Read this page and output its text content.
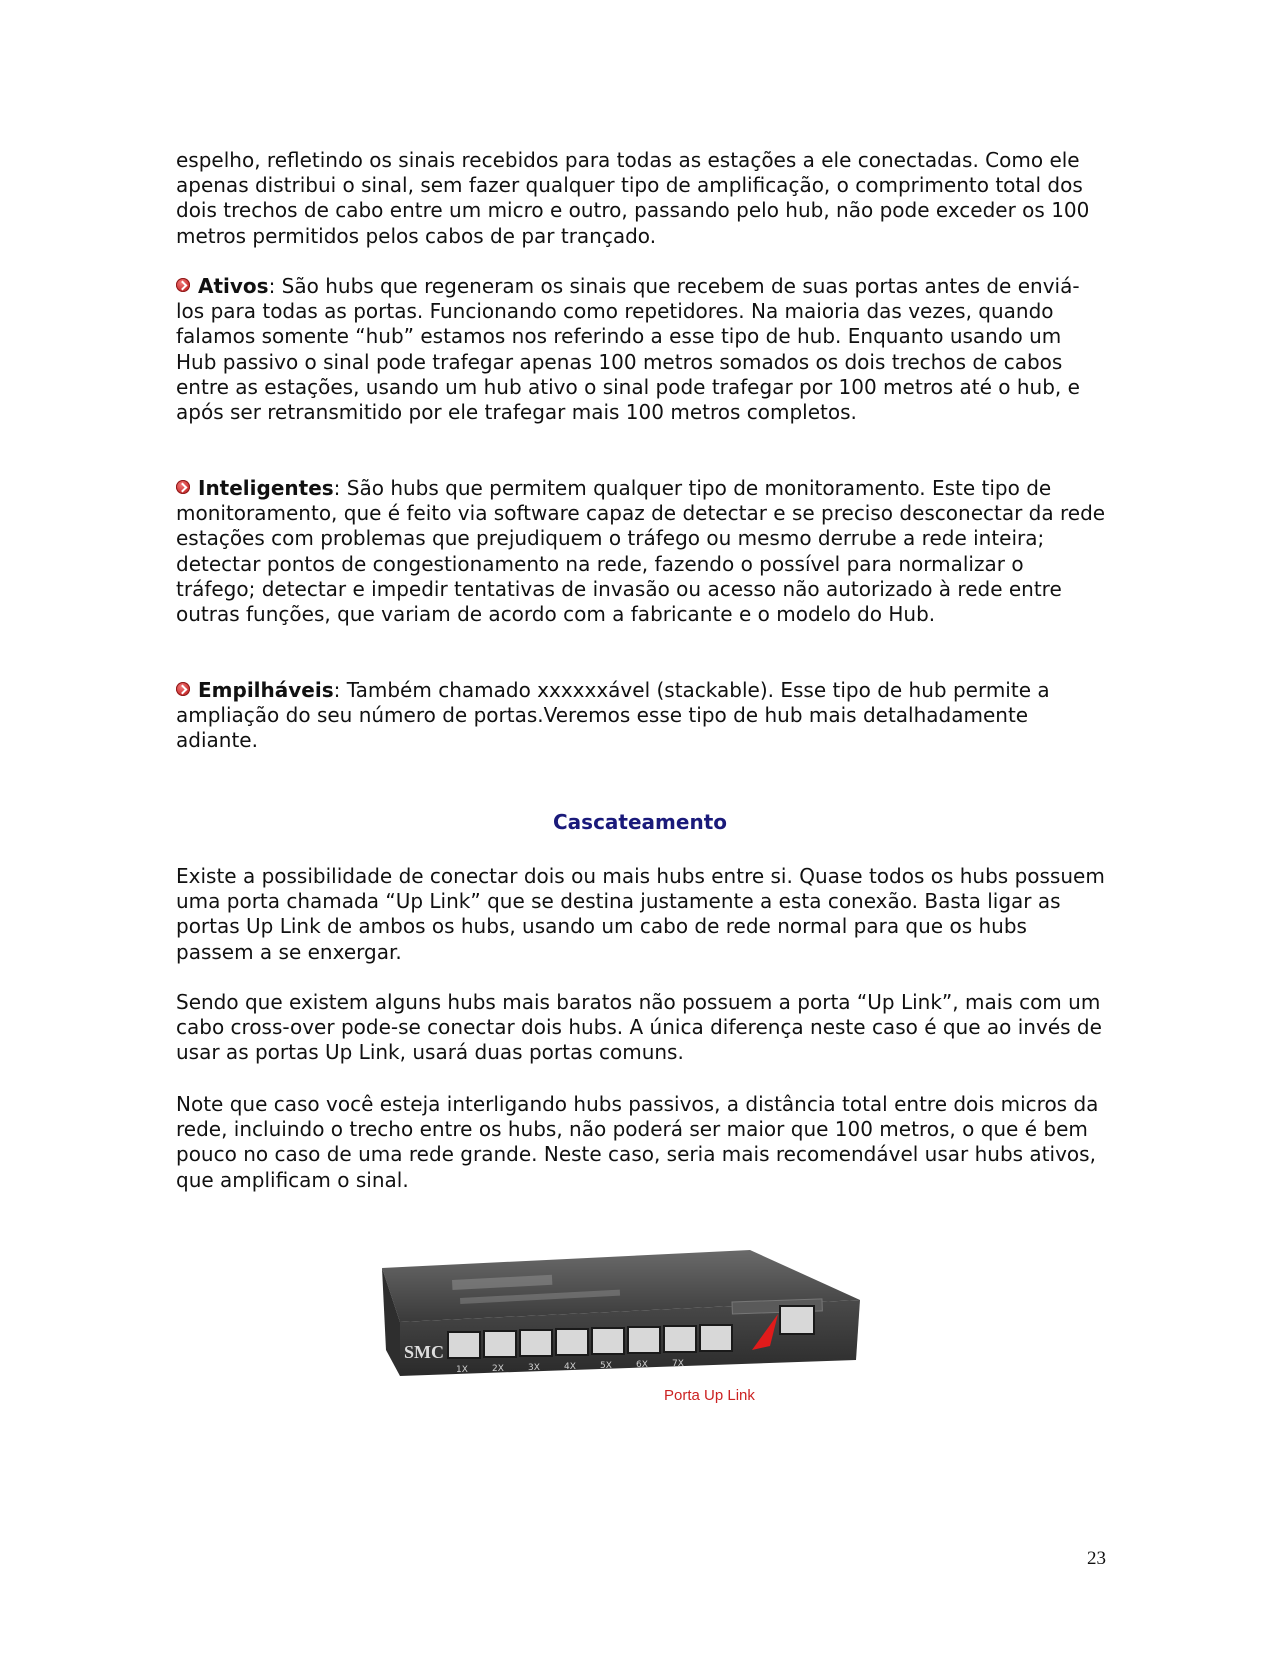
espelho, refletindo os sinais recebidos para todas as estações a ele conectadas. Como ele apenas distribui o sinal, sem fazer qualquer tipo de amplificação, o comprimento total dos dois trechos de cabo entre um micro e outro, passando pelo hub, não pode exceder os 100 metros permitidos pelos cabos de par trançado.

Ativos: São hubs que regeneram os sinais que recebem de suas portas antes de enviá-los para todas as portas. Funcionando como repetidores. Na maioria das vezes, quando falamos somente “hub” estamos nos referindo a esse tipo de hub. Enquanto usando um Hub passivo o sinal pode trafegar apenas 100 metros somados os dois trechos de cabos entre as estações, usando um hub ativo o sinal pode trafegar por 100 metros até o hub, e após ser retransmitido por ele trafegar mais 100 metros completos.

Inteligentes: São hubs que permitem qualquer tipo de monitoramento. Este tipo de monitoramento, que é feito via software capaz de detectar e se preciso desconectar da rede estações com problemas que prejudiquem o tráfego ou mesmo derrube a rede inteira; detectar pontos de congestionamento na rede, fazendo o possível para normalizar o tráfego; detectar e impedir tentativas de invasão ou acesso não autorizado à rede entre outras funções, que variam de acordo com a fabricante e o modelo do Hub.

Empilháveis: Também chamado xxxxxxável (stackable). Esse tipo de hub permite a ampliação do seu número de portas.Veremos esse tipo de hub mais detalhadamente adiante.

Cascateamento

Existe a possibilidade de conectar dois ou mais hubs entre si. Quase todos os hubs possuem uma porta chamada “Up Link” que se destina justamente a esta conexão. Basta ligar as portas Up Link de ambos os hubs, usando um cabo de rede normal para que os hubs passem a se enxergar.

Sendo que existem alguns hubs mais baratos não possuem a porta “Up Link”, mais com um cabo cross-over pode-se conectar dois hubs. A única diferença neste caso é que ao invés de usar as portas Up Link, usará duas portas comuns.

Note que caso você esteja interligando hubs passivos, a distância total entre dois micros da rede, incluindo o trecho entre os hubs, não poderá ser maior que 100 metros, o que é bem pouco no caso de uma rede grande. Neste caso, seria mais recomendável usar hubs ativos, que amplificam o sinal.

SMC
1X	2X	3X	4X	5X	6X	7X
Porta Up Link
23
